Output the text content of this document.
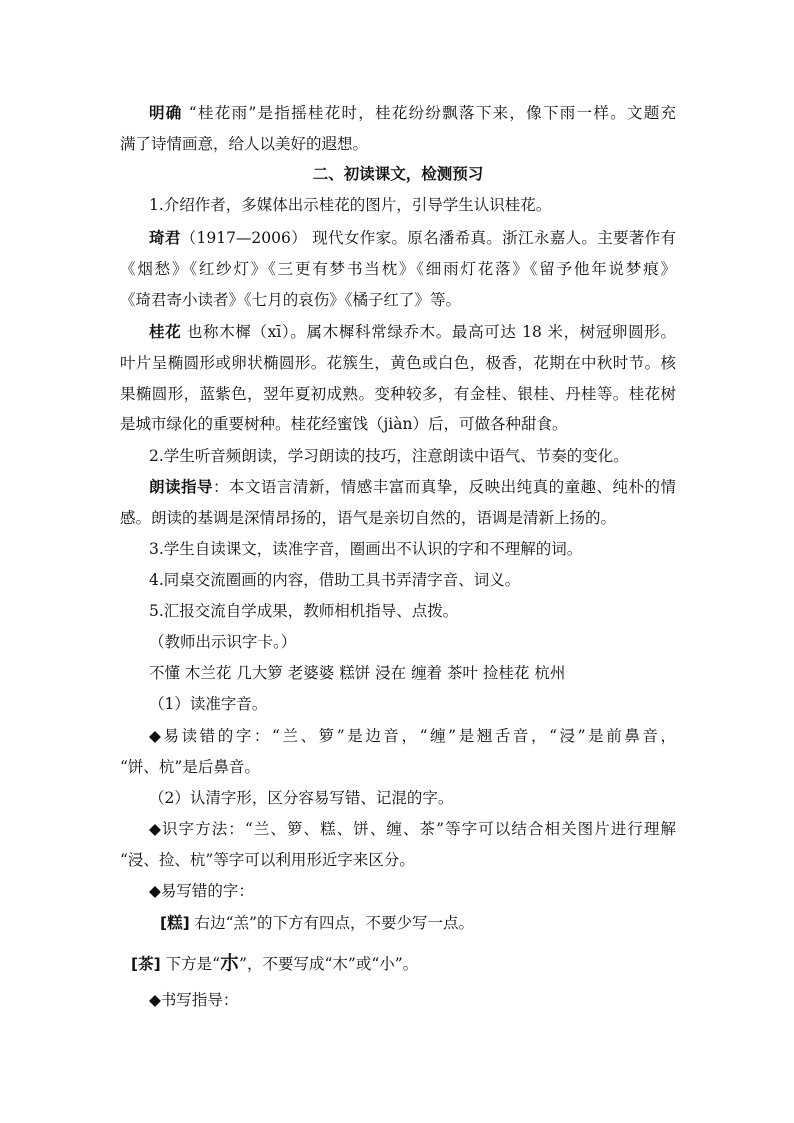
明确 “桂花雨”是指摇桂花时，桂花纷纷飘落下来，像下雨一样。文题充
满了诗情画意，给人以美好的遐想。
二、初读课文，检测预习
1.介绍作者，多媒体出示桂花的图片，引导学生认识桂花。
琦君（1917—2006） 现代女作家。原名潘希真。浙江永嘉人。主要著作有
《烟愁》《红纱灯》《三更有梦书当枕》《细雨灯花落》《留予他年说梦痕》
《琦君寄小读者》《七月的哀伤》《橘子红了》等。
桂花 也称木樨（xī）。属木樨科常绿乔木。最高可达 18 米，树冠卵圆形。
叶片呈椭圆形或卵状椭圆形。花簇生，黄色或白色，极香，花期在中秋时节。核
果椭圆形，蓝紫色，翌年夏初成熟。变种较多，有金桂、银桂、丹桂等。桂花树
是城市绿化的重要树种。桂花经蜜饯（jiàn）后，可做各种甜食。
2.学生听音频朗读，学习朗读的技巧，注意朗读中语气、节奏的变化。
朗读指导：本文语言清新，情感丰富而真挚，反映出纯真的童趣、纯朴的情
感。朗读的基调是深情昂扬的，语气是亲切自然的，语调是清新上扬的。
3.学生自读课文，读准字音，圈画出不认识的字和不理解的词。
4.同桌交流圈画的内容，借助工具书弄清字音、词义。
5.汇报交流自学成果，教师相机指导、点拨。
（教师出示识字卡。）
不懂 木兰花 几大箩 老婆婆 糕饼 浸在 缠着 茶叶 捡桂花 杭州
（1）读准字音。
◆易读错的字：“兰、箩”是边音，“缠”是翘舌音，“浸”是前鼻音，
“饼、杭”是后鼻音。
（2）认清字形，区分容易写错、记混的字。
◆识字方法：“兰、箩、糕、饼、缠、茶”等字可以结合相关图片进行理解
“浸、捡、杭”等字可以利用形近字来区分。
◆易写错的字：
[糕] 右边“羔”的下方有四点，不要少写一点。
[茶] 下方是“朩”，不要写成“木”或“小”。
◆书写指导：
